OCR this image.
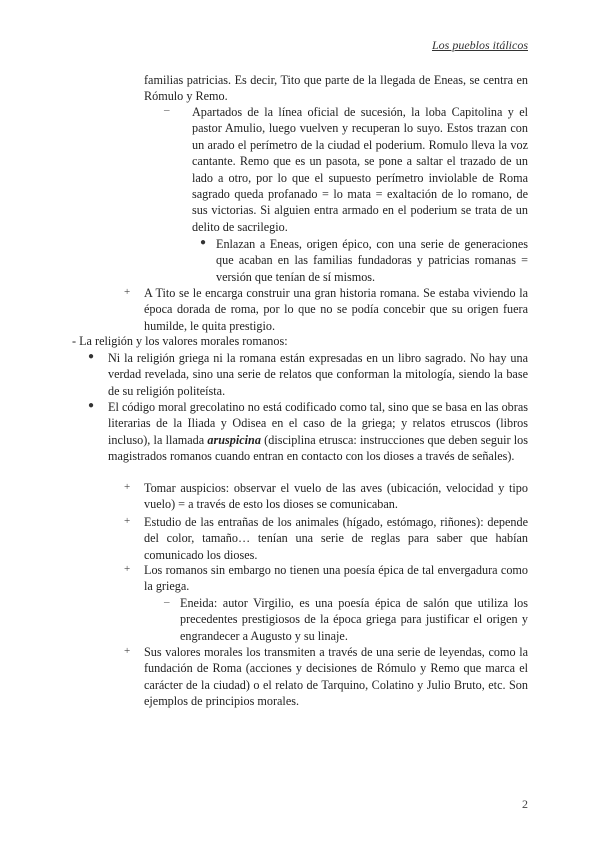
Los pueblos itálicos
familias patricias. Es decir, Tito que parte de la llegada de Eneas, se centra en Rómulo y Remo.
– Apartados de la línea oficial de sucesión, la loba Capitolina y el pastor Amulio, luego vuelven y recuperan lo suyo. Estos trazan con un arado el perímetro de la ciudad el poderium. Romulo lleva la voz cantante. Remo que es un pasota, se pone a saltar el trazado de un lado a otro, por lo que el supuesto perímetro inviolable de Roma sagrado queda profanado = lo mata = exaltación de lo romano, de sus victorias. Si alguien entra armado en el poderium se trata de un delito de sacrilegio.
● Enlazan a Eneas, origen épico, con una serie de generaciones que acaban en las familias fundadoras y patricias romanas = versión que tenían de sí mismos.
+ A Tito se le encarga construir una gran historia romana. Se estaba viviendo la época dorada de roma, por lo que no se podía concebir que su origen fuera humilde, le quita prestigio.
- La religión y los valores morales romanos:
● Ni la religión griega ni la romana están expresadas en un libro sagrado. No hay una verdad revelada, sino una serie de relatos que conforman la mitología, siendo la base de su religión politeísta.
● El código moral grecolatino no está codificado como tal, sino que se basa en las obras literarias de la Iliada y Odisea en el caso de la griega; y relatos etruscos (libros incluso), la llamada aruspicina (disciplina etrusca: instrucciones que deben seguir los magistrados romanos cuando entran en contacto con los dioses a través de señales).
+ Tomar auspicios: observar el vuelo de las aves (ubicación, velocidad y tipo vuelo) = a través de esto los dioses se comunicaban.
+ Estudio de las entrañas de los animales (hígado, estómago, riñones): depende del color, tamaño… tenían una serie de reglas para saber que habían comunicado los dioses.
+ Los romanos sin embargo no tienen una poesía épica de tal envergadura como la griega.
– Eneida: autor Virgilio, es una poesía épica de salón que utiliza los precedentes prestigiosos de la época griega para justificar el origen y engrandecer a Augusto y su linaje.
+ Sus valores morales los transmiten a través de una serie de leyendas, como la fundación de Roma (acciones y decisiones de Rómulo y Remo que marca el carácter de la ciudad) o el relato de Tarquino, Colatino y Julio Bruto, etc. Son ejemplos de principios morales.
2
